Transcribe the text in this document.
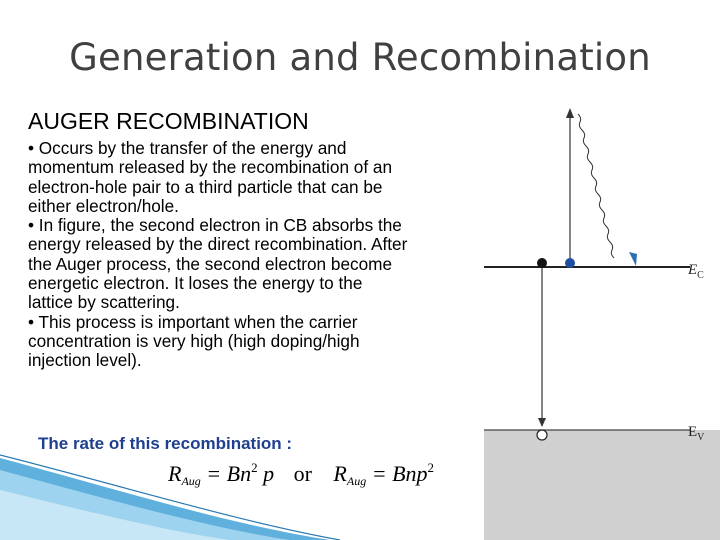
Generation and Recombination
AUGER RECOMBINATION
• Occurs by the transfer of the energy and
momentum released by the recombination of an
electron-hole pair to a third particle that can be
either electron/hole.
• In figure, the second electron in CB absorbs the
energy released by the direct recombination. After
the Auger process, the second electron become
energetic electron. It loses the energy to the
lattice by scattering.
• This process is important when the carrier
concentration is very high (high doping/high
injection level).
The rate of this recombination :
$R_{Aug} = Bn^2$ p or $R_{Aug} = Bnp^2$
$E_C$
$E_V$
